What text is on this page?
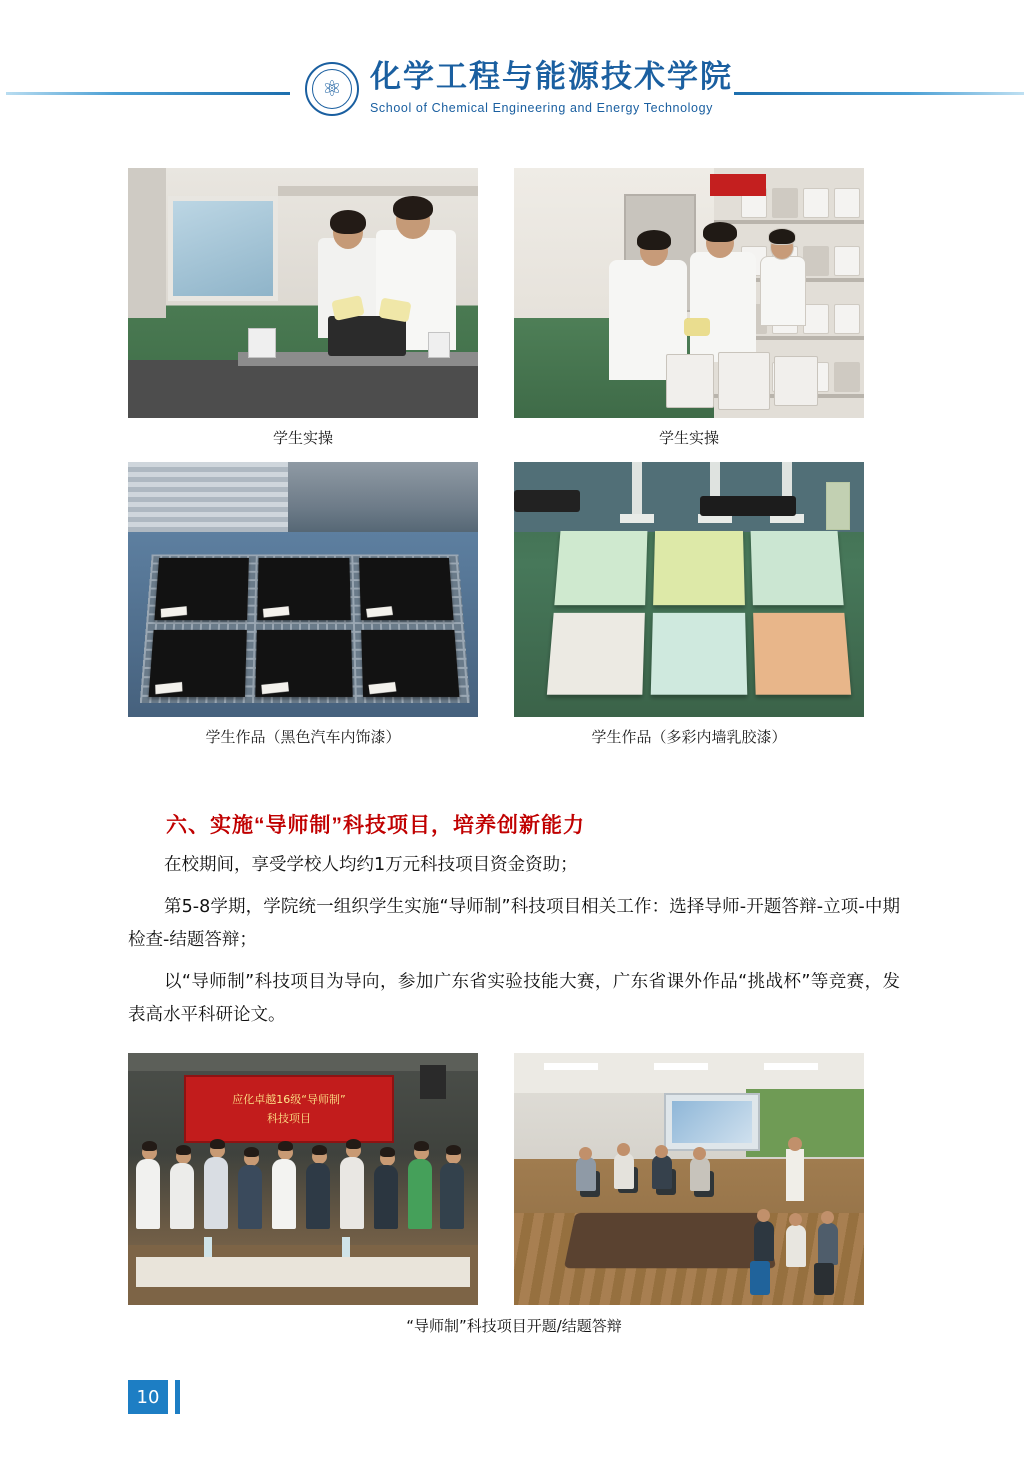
⚛ 化学工程与能源技术学院
School of Chemical Engineering and Energy Technology
学生实操	学生实操
学生作品（黑色汽车内饰漆）	学生作品（多彩内墙乳胶漆）
六、实施“导师制”科技项目，培养创新能力
在校期间，享受学校人均约1万元科技项目资金资助；
第5-8学期，学院统一组织学生实施“导师制”科技项目相关工作：选择导师-开题答辩-立项-中期检查-结题答辩；
以“导师制”科技项目为导向，参加广东省实验技能大赛，广东省课外作品“挑战杯”等竞赛，发表高水平科研论文。
应化卓越16级“导师制”
科技项目
“导师制”科技项目开题/结题答辩
10
